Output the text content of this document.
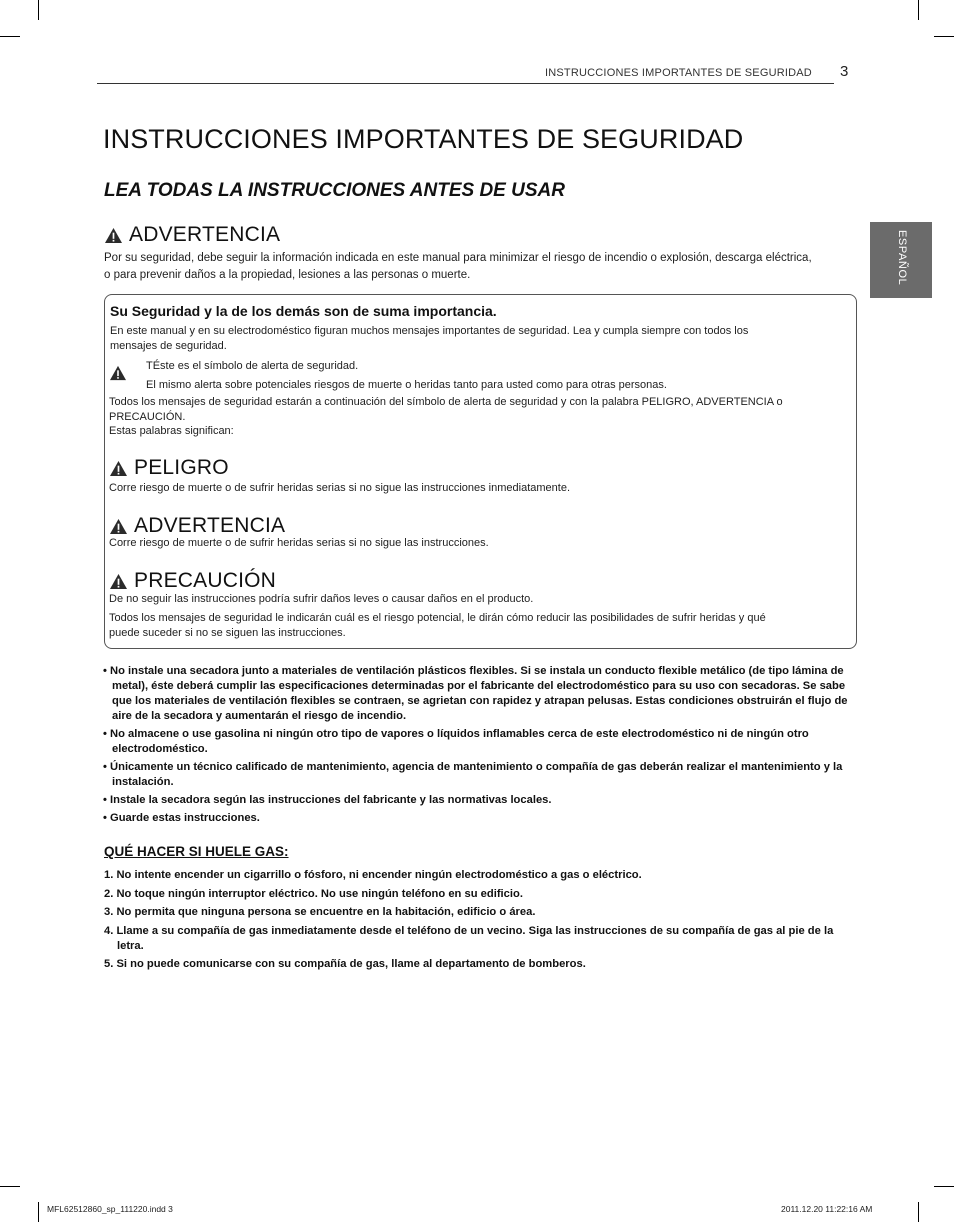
INSTRUCCIONES IMPORTANTES DE SEGURIDAD 3
ESPAÑOL
INSTRUCCIONES IMPORTANTES DE SEGURIDAD
LEA TODAS LA INSTRUCCIONES ANTES DE USAR
ADVERTENCIA

Por su seguridad, debe seguir la información indicada en este manual para minimizar el riesgo de incendio o explosión, descarga eléctrica,

o para prevenir daños a la propiedad, lesiones a las personas o muerte.

Su Seguridad y la de los demás son de suma importancia.

En este manual y en su electrodoméstico figuran muchos mensajes importantes de seguridad. Lea y cumpla siempre con todos los

mensajes de seguridad.

TÉste es el símbolo de alerta de seguridad.

El mismo alerta sobre potenciales riesgos de muerte o heridas tanto para usted como para otras personas.

Todos los mensajes de seguridad estarán a continuación del símbolo de alerta de seguridad y con la palabra PELIGRO, ADVERTENCIA o

PRECAUCIÓN.

Estas palabras significan:

PELIGRO

Corre riesgo de muerte o de sufrir heridas serias si no sigue las instrucciones inmediatamente.

ADVERTENCIA

Corre riesgo de muerte o de sufrir heridas serias si no sigue las instrucciones.

PRECAUCIÓN

De no seguir las instrucciones podría sufrir daños leves o causar daños en el producto.

Todos los mensajes de seguridad le indicarán cuál es el riesgo potencial, le dirán cómo reducir las posibilidades de sufrir heridas y qué

puede suceder si no se siguen las instrucciones.

• No instale una secadora junto a materiales de ventilación plásticos flexibles. Si se instala un conducto flexible metálico (de tipo lámina de metal), éste deberá cumplir las especificaciones determinadas por el fabricante del electrodoméstico para su uso con secadoras. Se sabe que los materiales de ventilación flexibles se contraen, se agrietan con rapidez y atrapan pelusas. Estas condiciones obstruirán el flujo de aire de la secadora y aumentarán el riesgo de incendio.
• No almacene o use gasolina ni ningún otro tipo de vapores o líquidos inflamables cerca de este electrodoméstico ni de ningún otro electrodoméstico.
• Únicamente un técnico calificado de mantenimiento, agencia de mantenimiento o compañía de gas deberán realizar el mantenimiento y la instalación.
• Instale la secadora según las instrucciones del fabricante y las normativas locales.
• Guarde estas instrucciones.

QUÉ HACER SI HUELE GAS:

1. No intente encender un cigarrillo o fósforo, ni encender ningún electrodoméstico a gas o eléctrico.
2. No toque ningún interruptor eléctrico. No use ningún teléfono en su edificio.
3. No permita que ninguna persona se encuentre en la habitación, edificio o área.
4. Llame a su compañía de gas inmediatamente desde el teléfono de un vecino. Siga las instrucciones de su compañía de gas al pie de la letra.
5. Si no puede comunicarse con su compañía de gas, llame al departamento de bomberos.
MFL62512860_sp_111220.indd 3	2011.12.20 11:22:16 AM
